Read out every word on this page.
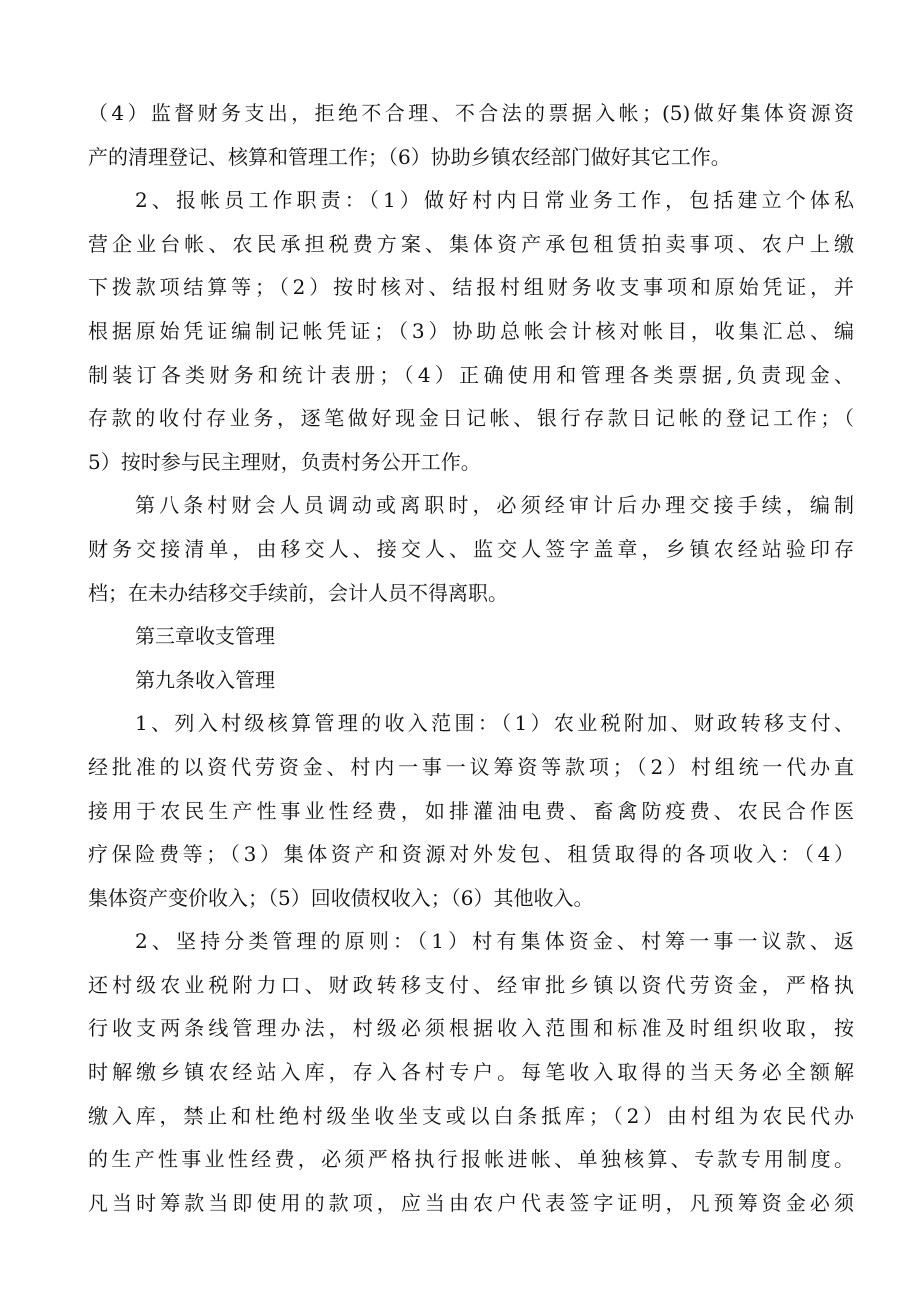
（4）监督财务支出，拒绝不合理、不合法的票据入帐；(5)做好集体资源资
产的清理登记、核算和管理工作；（6）协助乡镇农经部门做好其它工作。
2、报帐员工作职责：（1）做好村内日常业务工作，包括建立个体私
营企业台帐、农民承担税费方案、集体资产承包租赁拍卖事项、农户上缴
下拨款项结算等；（2）按时核对、结报村组财务收支事项和原始凭证，并
根据原始凭证编制记帐凭证；（3）协助总帐会计核对帐目，收集汇总、编
制装订各类财务和统计表册；（4）正确使用和管理各类票据,负责现金、
存款的收付存业务，逐笔做好现金日记帐、银行存款日记帐的登记工作；（
5）按时参与民主理财，负责村务公开工作。
第八条村财会人员调动或离职时，必须经审计后办理交接手续，编制
财务交接清单，由移交人、接交人、监交人签字盖章，乡镇农经站验印存
档；在未办结移交手续前，会计人员不得离职。
第三章收支管理
第九条收入管理
1、列入村级核算管理的收入范围：（1）农业税附加、财政转移支付、
经批准的以资代劳资金、村内一事一议筹资等款项；（2）村组统一代办直
接用于农民生产性事业性经费，如排灌油电费、畜禽防疫费、农民合作医
疗保险费等；（3）集体资产和资源对外发包、租赁取得的各项收入：（4）
集体资产变价收入；（5）回收债权收入；（6）其他收入。
2、坚持分类管理的原则：（1）村有集体资金、村筹一事一议款、返
还村级农业税附力口、财政转移支付、经审批乡镇以资代劳资金，严格执
行收支两条线管理办法，村级必须根据收入范围和标准及时组织收取，按
时解缴乡镇农经站入库，存入各村专户。每笔收入取得的当天务必全额解
缴入库，禁止和杜绝村级坐收坐支或以白条抵库；（2）由村组为农民代办
的生产性事业性经费，必须严格执行报帐进帐、单独核算、专款专用制度。
凡当时筹款当即使用的款项，应当由农户代表签字证明，凡预筹资金必须
